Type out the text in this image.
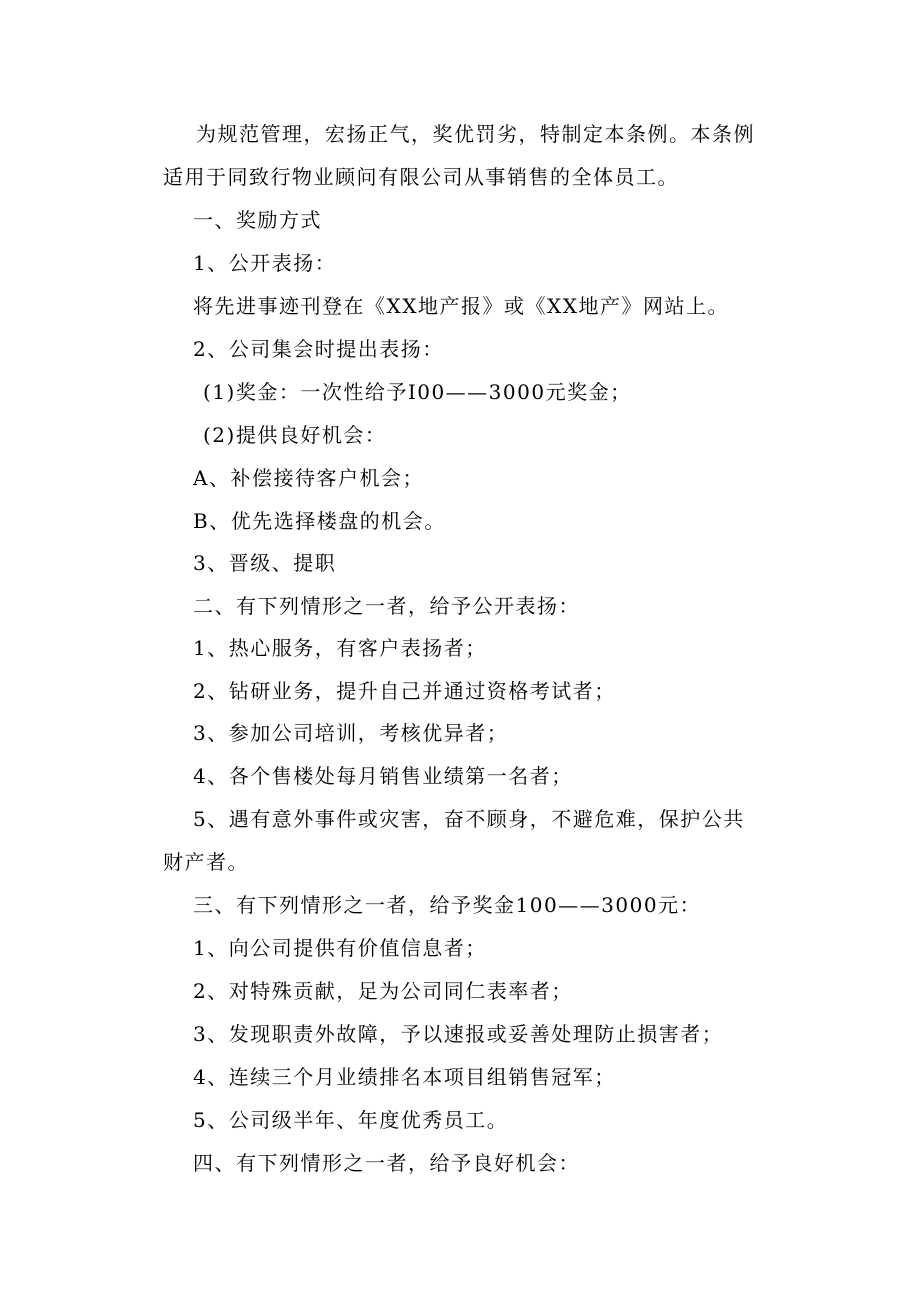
为规范管理，宏扬正气，奖优罚劣，特制定本条例。本条例
适用于同致行物业顾问有限公司从事销售的全体员工。
一、奖励方式
1、公开表扬：
将先进事迹刊登在《XX地产报》或《XX地产》网站上。
2、公司集会时提出表扬：
(1)奖金：一次性给予I00——3000元奖金；
(2)提供良好机会：
A、补偿接待客户机会；
B、优先选择楼盘的机会。
3、晋级、提职
二、有下列情形之一者，给予公开表扬：
1、热心服务，有客户表扬者；
2、钻研业务，提升自己并通过资格考试者；
3、参加公司培训，考核优异者；
4、各个售楼处每月销售业绩第一名者；
5、遇有意外事件或灾害，奋不顾身，不避危难，保护公共
财产者。
三、有下列情形之一者，给予奖金100——3000元：
1、向公司提供有价值信息者；
2、对特殊贡献，足为公司同仁表率者；
3、发现职责外故障，予以速报或妥善处理防止损害者；
4、连续三个月业绩排名本项目组销售冠军；
5、公司级半年、年度优秀员工。
四、有下列情形之一者，给予良好机会：
